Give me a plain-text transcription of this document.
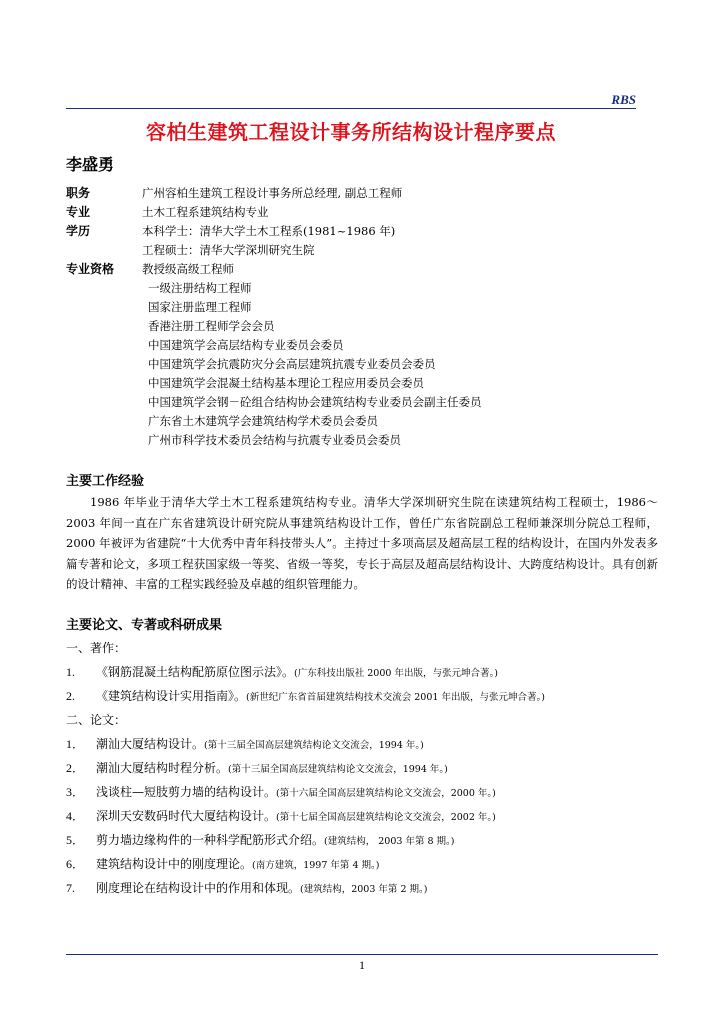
RBS
容柏生建筑工程设计事务所结构设计程序要点
李盛勇
职务	广州容柏生建筑工程设计事务所总经理, 副总工程师
专业	土木工程系建筑结构专业
学历	本科学士：清华大学土木工程系(1981~1986 年)
工程硕士：清华大学深圳研究生院
专业资格	教授级高级工程师
一级注册结构工程师
国家注册监理工程师
香港注册工程师学会会员
中国建筑学会高层结构专业委员会委员
中国建筑学会抗震防灾分会高层建筑抗震专业委员会委员
中国建筑学会混凝土结构基本理论工程应用委员会委员
中国建筑学会钢－砼组合结构协会建筑结构专业委员会副主任委员
广东省土木建筑学会建筑结构学术委员会委员
广州市科学技术委员会结构与抗震专业委员会委员
主要工作经验
1986 年毕业于清华大学土木工程系建筑结构专业。清华大学深圳研究生院在读建筑结构工程硕士，1986～2003 年间一直在广东省建筑设计研究院从事建筑结构设计工作，曾任广东省院副总工程师兼深圳分院总工程师，2000 年被评为省建院“十大优秀中青年科技带头人”。主持过十多项高层及超高层工程的结构设计，在国内外发表多篇专著和论文，多项工程获国家级一等奖、省级一等奖，专长于高层及超高层结构设计、大跨度结构设计。具有创新的设计精神、丰富的工程实践经验及卓越的组织管理能力。
主要论文、专著或科研成果
一、著作：
1.	《钢筋混凝土结构配筋原位图示法》。 (广东科技出版社 2000 年出版，与张元坤合著。)
2.	《建筑结构设计实用指南》。 (新世纪广东省首届建筑结构技术交流会 2001 年出版，与张元坤合著。)
二、论文：
1． 潮汕大厦结构设计。 (第十三届全国高层建筑结构论文交流会，1994 年。)
2． 潮汕大厦结构时程分析。 (第十三届全国高层建筑结构论文交流会，1994 年。)
3． 浅谈柱—短肢剪力墙的结构设计。 (第十六届全国高层建筑结构论文交流会，2000 年。)
4． 深圳天安数码时代大厦结构设计。 (第十七届全国高层建筑结构论文交流会，2002 年。)
5． 剪力墙边缘构件的一种科学配筋形式介绍。 (建筑结构， 2003 年第 8 期。)
6． 建筑结构设计中的刚度理论。 (南方建筑，1997 年第 4 期。)
7.	刚度理论在结构设计中的作用和体现。 (建筑结构，2003 年第 2 期。)
1
